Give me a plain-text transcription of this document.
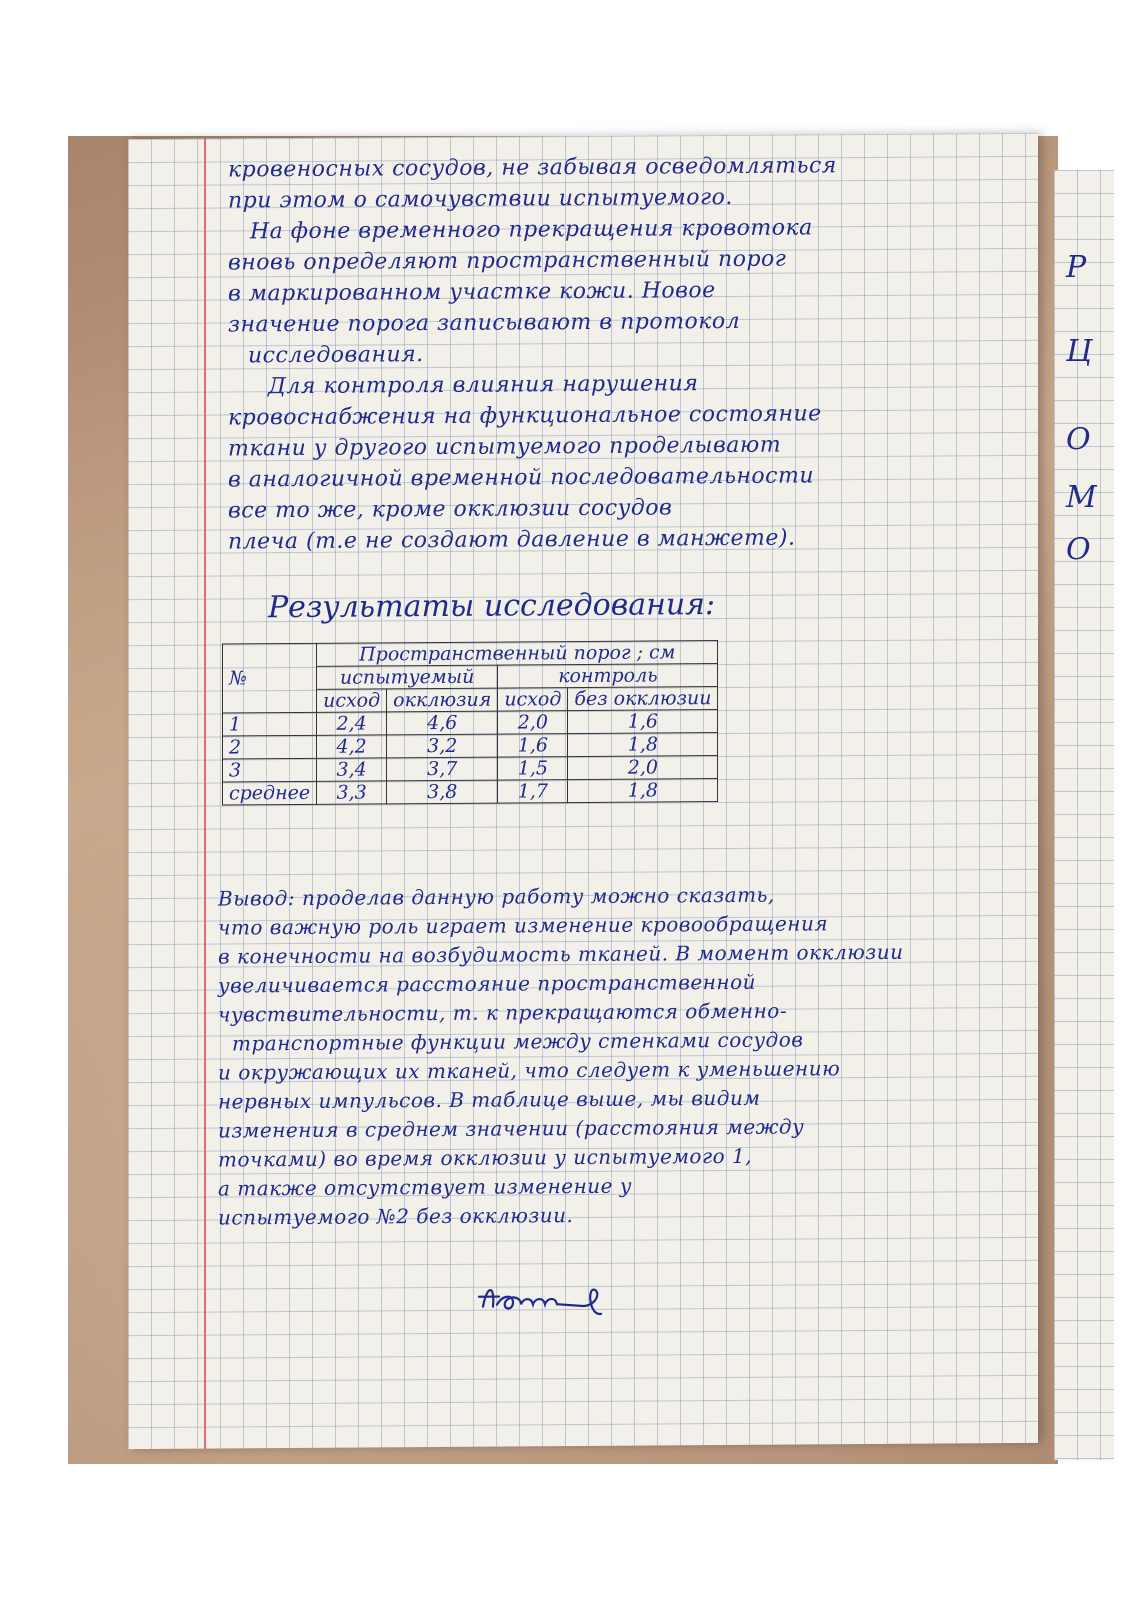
кровеносных сосудов, не забывая осведомляться
при этом о самочувствии испытуемого.
На фоне временного прекращения кровотока
вновь определяют пространственный порог
в маркированном участке кожи. Новое
значение порога записывают в протокол
исследования.
Для контроля влияния нарушения
кровоснабжения на функциональное состояние
ткани у другого испытуемого проделывают
в аналогичной временной последовательности
все то же, кроме окклюзии сосудов
плеча (т.е не создают давление в манжете).
Результаты исследования:
№	Пространственный порог ; см			
	испытуемый		контроль	
	исход	окклюзия	исход	без окклюзии
1	2,4	4,6	2,0	1,6
2	4,2	3,2	1,6	1,8
3	3,4	3,7	1,5	2,0
среднее	3,3	3,8	1,7	1,8
Вывод: проделав данную работу можно сказать,
что важную роль играет изменение кровообращения
в конечности на возбудимость тканей. В момент окклюзии
увеличивается расстояние пространственной
чувствительности, т. к прекращаются обменно-
транспортные функции между стенками сосудов
и окружающих их тканей, что следует к уменьшению
нервных импульсов. В таблице выше, мы видим
изменения в среднем значении (расстояния между
точками) во время окклюзии у испытуемого 1,
а также отсутствует изменение у
испытуемого №2 без окклюзии.
Р
Ц
О
М
О
